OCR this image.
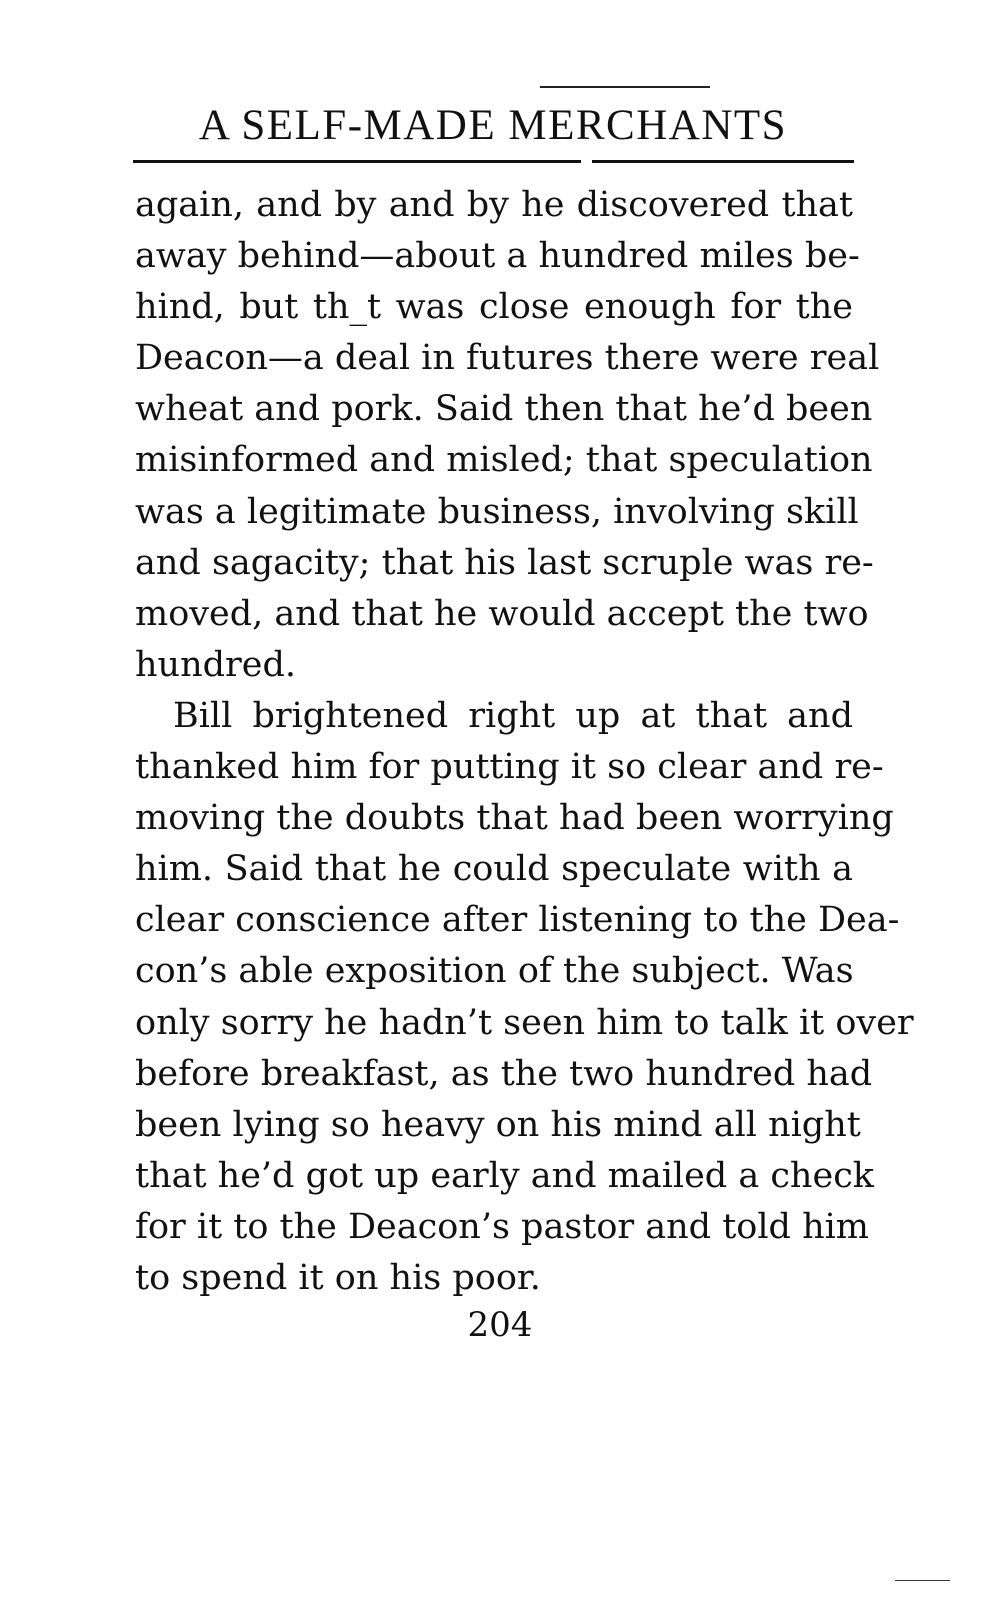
A SELF-MADE MERCHANTS
again, and by and by he discovered that
away behind—about a hundred miles be-
hind, but th_t was close enough for the
Deacon—a deal in futures there were real
wheat and pork. Said then that he’d been
misinformed and misled; that speculation
was a legitimate business, involving skill
and sagacity; that his last scruple was re-
moved, and that he would accept the two
hundred.
Bill brightened right up at that and
thanked him for putting it so clear and re-
moving the doubts that had been worrying
him. Said that he could speculate with a
clear conscience after listening to the Dea-
con’s able exposition of the subject. Was
only sorry he hadn’t seen him to talk it over
before breakfast, as the two hundred had
been lying so heavy on his mind all night
that he’d got up early and mailed a check
for it to the Deacon’s pastor and told him
to spend it on his poor.
204
